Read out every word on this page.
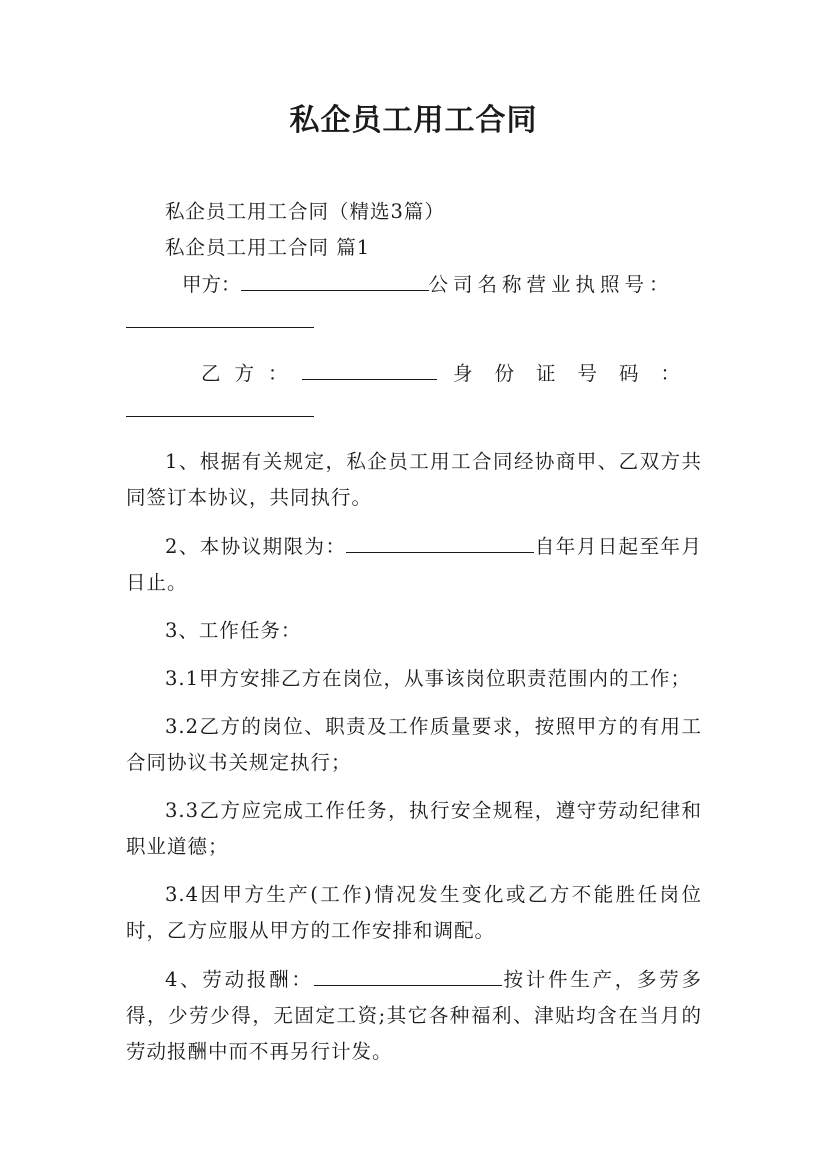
私企员工用工合同

私企员工用工合同（精选3篇）

私企员工用工合同 篇1

甲方：	公司名称营业执照号：
乙方：	身份证号码：

1、根据有关规定，私企员工用工合同经协商甲、乙双方共同签订本协议，共同执行。

2、本协议期限为：	自年月日起至年月日止。

3、工作任务：

3.1甲方安排乙方在岗位，从事该岗位职责范围内的工作；

3.2乙方的岗位、职责及工作质量要求，按照甲方的有用工合同协议书关规定执行；

3.3乙方应完成工作任务，执行安全规程，遵守劳动纪律和职业道德；

3.4因甲方生产(工作)情况发生变化或乙方不能胜任岗位时，乙方应服从甲方的工作安排和调配。

4、劳动报酬：	按计件生产，多劳多得，少劳少得，无固定工资;其它各种福利、津贴均含在当月的劳动报酬中而不再另行计发。
